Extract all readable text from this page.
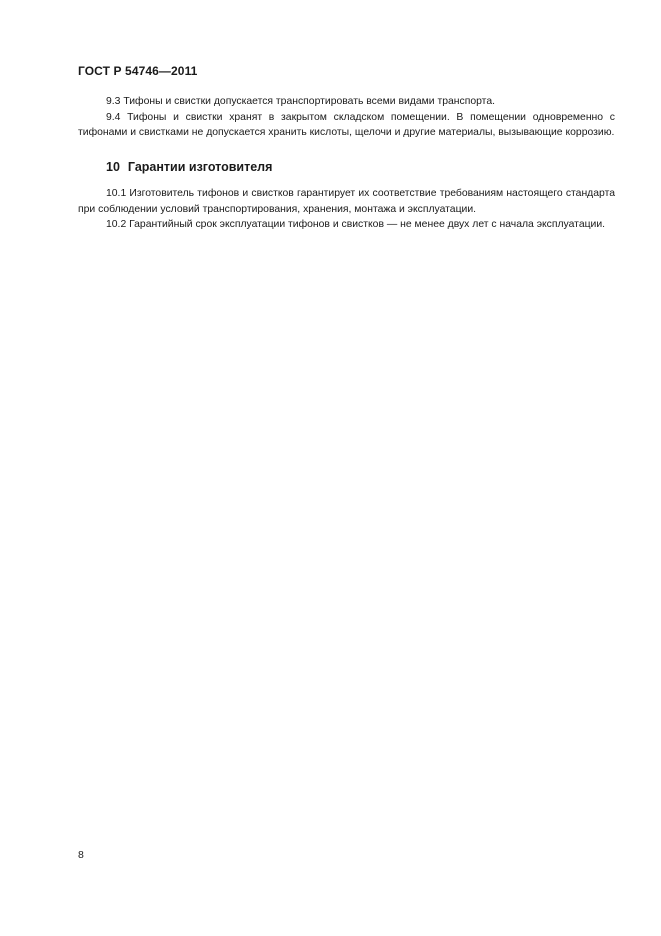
ГОСТ Р 54746—2011

9.3 Тифоны и свистки допускается транспортировать всеми видами транспорта.

9.4 Тифоны и свистки хранят в закрытом складском помещении. В помещении одновременно с тифонами и свистками не допускается хранить кислоты, щелочи и другие материалы, вызывающие коррозию.

10 Гарантии изготовителя

10.1 Изготовитель тифонов и свистков гарантирует их соответствие требованиям настоящего стандарта при соблюдении условий транспортирования, хранения, монтажа и эксплуатации.

10.2 Гарантийный срок эксплуатации тифонов и свистков — не менее двух лет с начала эксплуатации.

8
